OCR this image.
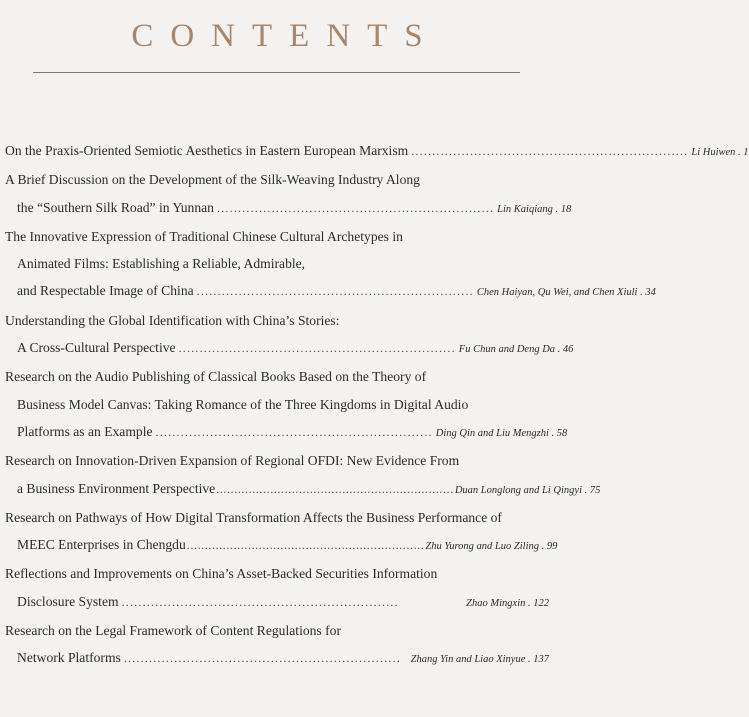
CONTENTS
On the Praxis-Oriented Semiotic Aesthetics in Eastern European Marxism .................................................................. Li Huiwen . 1
A Brief Discussion on the Development of the Silk-Weaving Industry Along
the “Southern Silk Road” in Yunnan .................................................................. Lin Kaiqiang . 18
The Innovative Expression of Traditional Chinese Cultural Archetypes in
Animated Films: Establishing a Reliable, Admirable,
and Respectable Image of China .................................................................. Chen Haiyan, Qu Wei, and Chen Xiuli . 34
Understanding the Global Identification with China’s Stories:
A Cross-Cultural Perspective .................................................................. Fu Chun and Deng Da . 46
Research on the Audio Publishing of Classical Books Based on the Theory of
Business Model Canvas: Taking Romance of the Three Kingdoms in Digital Audio
Platforms as an Example .................................................................. Ding Qin and Liu Mengzhi . 58
Research on Innovation-Driven Expansion of Regional OFDI: New Evidence From
a Business Environment Perspective .................................................................. Duan Longlong and Li Qingyi . 75
Research on Pathways of How Digital Transformation Affects the Business Performance of
MEEC Enterprises in Chengdu .................................................................. Zhu Yurong and Luo Ziling . 99
Reflections and Improvements on China’s Asset-Backed Securities Information
Disclosure System ..................................................................	Zhao Mingxin . 122
Research on the Legal Framework of Content Regulations for
Network Platforms .................................................................. Zhang Yin and Liao Xinyue . 137
